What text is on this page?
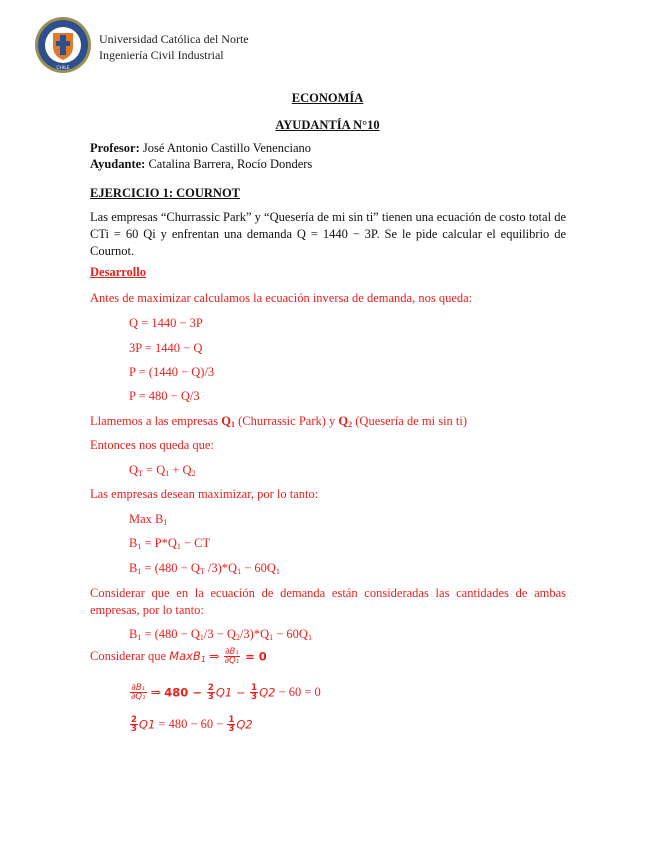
CHILE
Universidad Católica del Norte
Ingeniería Civil Industrial
ECONOMÍA
AYUDANTÍA N°10
Profesor: José Antonio Castillo Venenciano
Ayudante: Catalina Barrera, Rocío Donders
EJERCICIO 1: COURNOT
Las empresas “Churrassic Park” y “Quesería de mi sin ti” tienen una ecuación de costo total de CTi = 60 Qi y enfrentan una demanda Q = 1440 − 3P. Se le pide calcular el equilibrio de Cournot.
Desarrollo
Antes de maximizar calculamos la ecuación inversa de demanda, nos queda:
Q = 1440 − 3P
3P = 1440 − Q
P = (1440 − Q)/3
P = 480 − Q/3
Llamemos a las empresas $Q_1$ (Churrassic Park) y $Q_2$ (Quesería de mi sin ti)
Entonces nos queda que:
$Q_T = Q_1 + Q_2$
Las empresas desean maximizar, por lo tanto:
Max $B_1$
$B_1 = P*Q_1$ − CT
$B_1 = (480 - Q_T$ $/3)*Q_1 - 60Q_1$
Considerar que en la ecuación de demanda están consideradas las cantidades de ambas empresas, por lo tanto:
$B_1 = (480 - Q_1/3 - Q_2/3)*Q_1 - 60Q_1$
Considerar que MaxB$_1$ ⇒ $\frac{\text{∂B₁}}{\text{∂Q₁}} = 0$
$\frac{\text{∂B₁}}{\text{∂Q₁}}$ ⇒ $480 - \frac{2}{3} Q1 - \frac{1}{3} Q2 - 60 = 0$
$\frac{2}{3} Q1 = 480 - 60 - \frac{1}{3} Q2$
